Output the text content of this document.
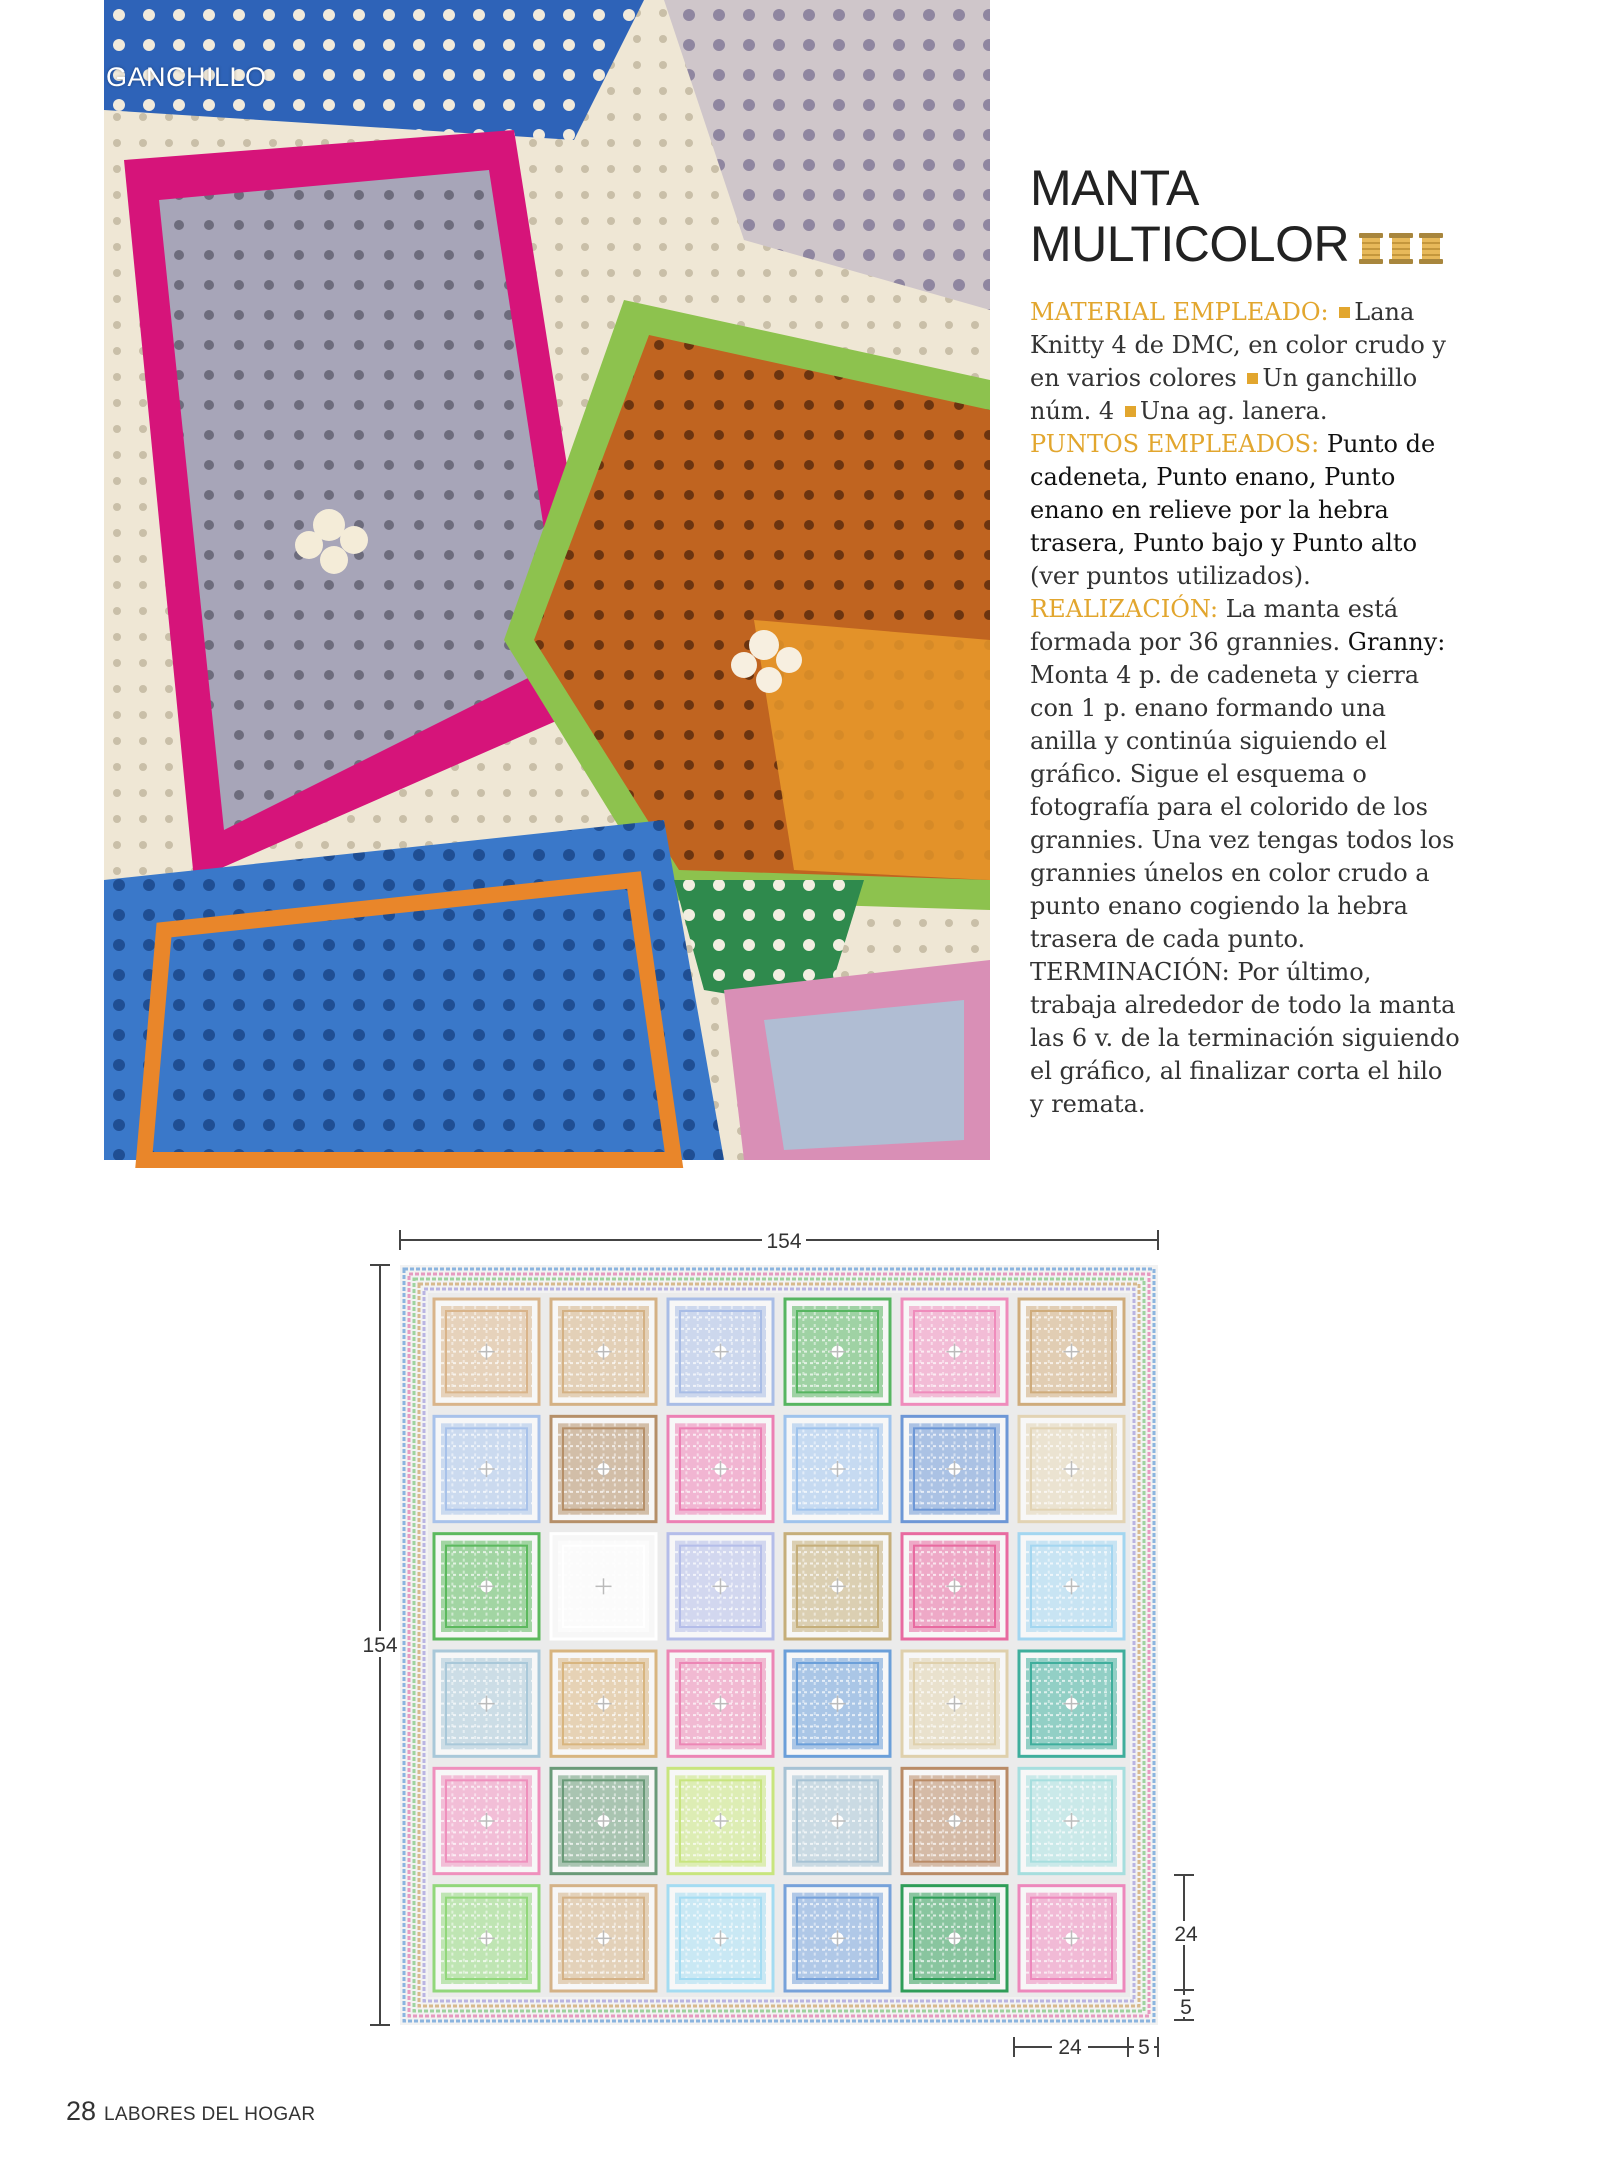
GANCHILLO
MANTA
MULTICOLOR

MATERIAL EMPLEADO: Lana Knitty 4 de DMC, en color crudo y en varios colores Un ganchillo núm. 4 Una ag. lanera.

PUNTOS EMPLEADOS: Punto de cadeneta, Punto enano, Punto enano en relieve por la hebra trasera, Punto bajo y Punto alto (ver puntos utilizados).

REALIZACIÓN: La manta está formada por 36 grannies. Granny: Monta 4 p. de cadeneta y cierra con 1 p. enano formando una anilla y continúa siguiendo el gráfico. Sigue el esquema o fotografía para el colorido de los grannies. Una vez tengas todos los grannies únelos en color crudo a punto enano cogiendo la hebra trasera de cada punto.

TERMINACIÓN: Por último, trabaja alrededor de todo la manta las 6 v. de la terminación siguiendo el gráfico, al finalizar corta el hilo y remata.

154
154
24
5
24	5
28 LABORES DEL HOGAR
